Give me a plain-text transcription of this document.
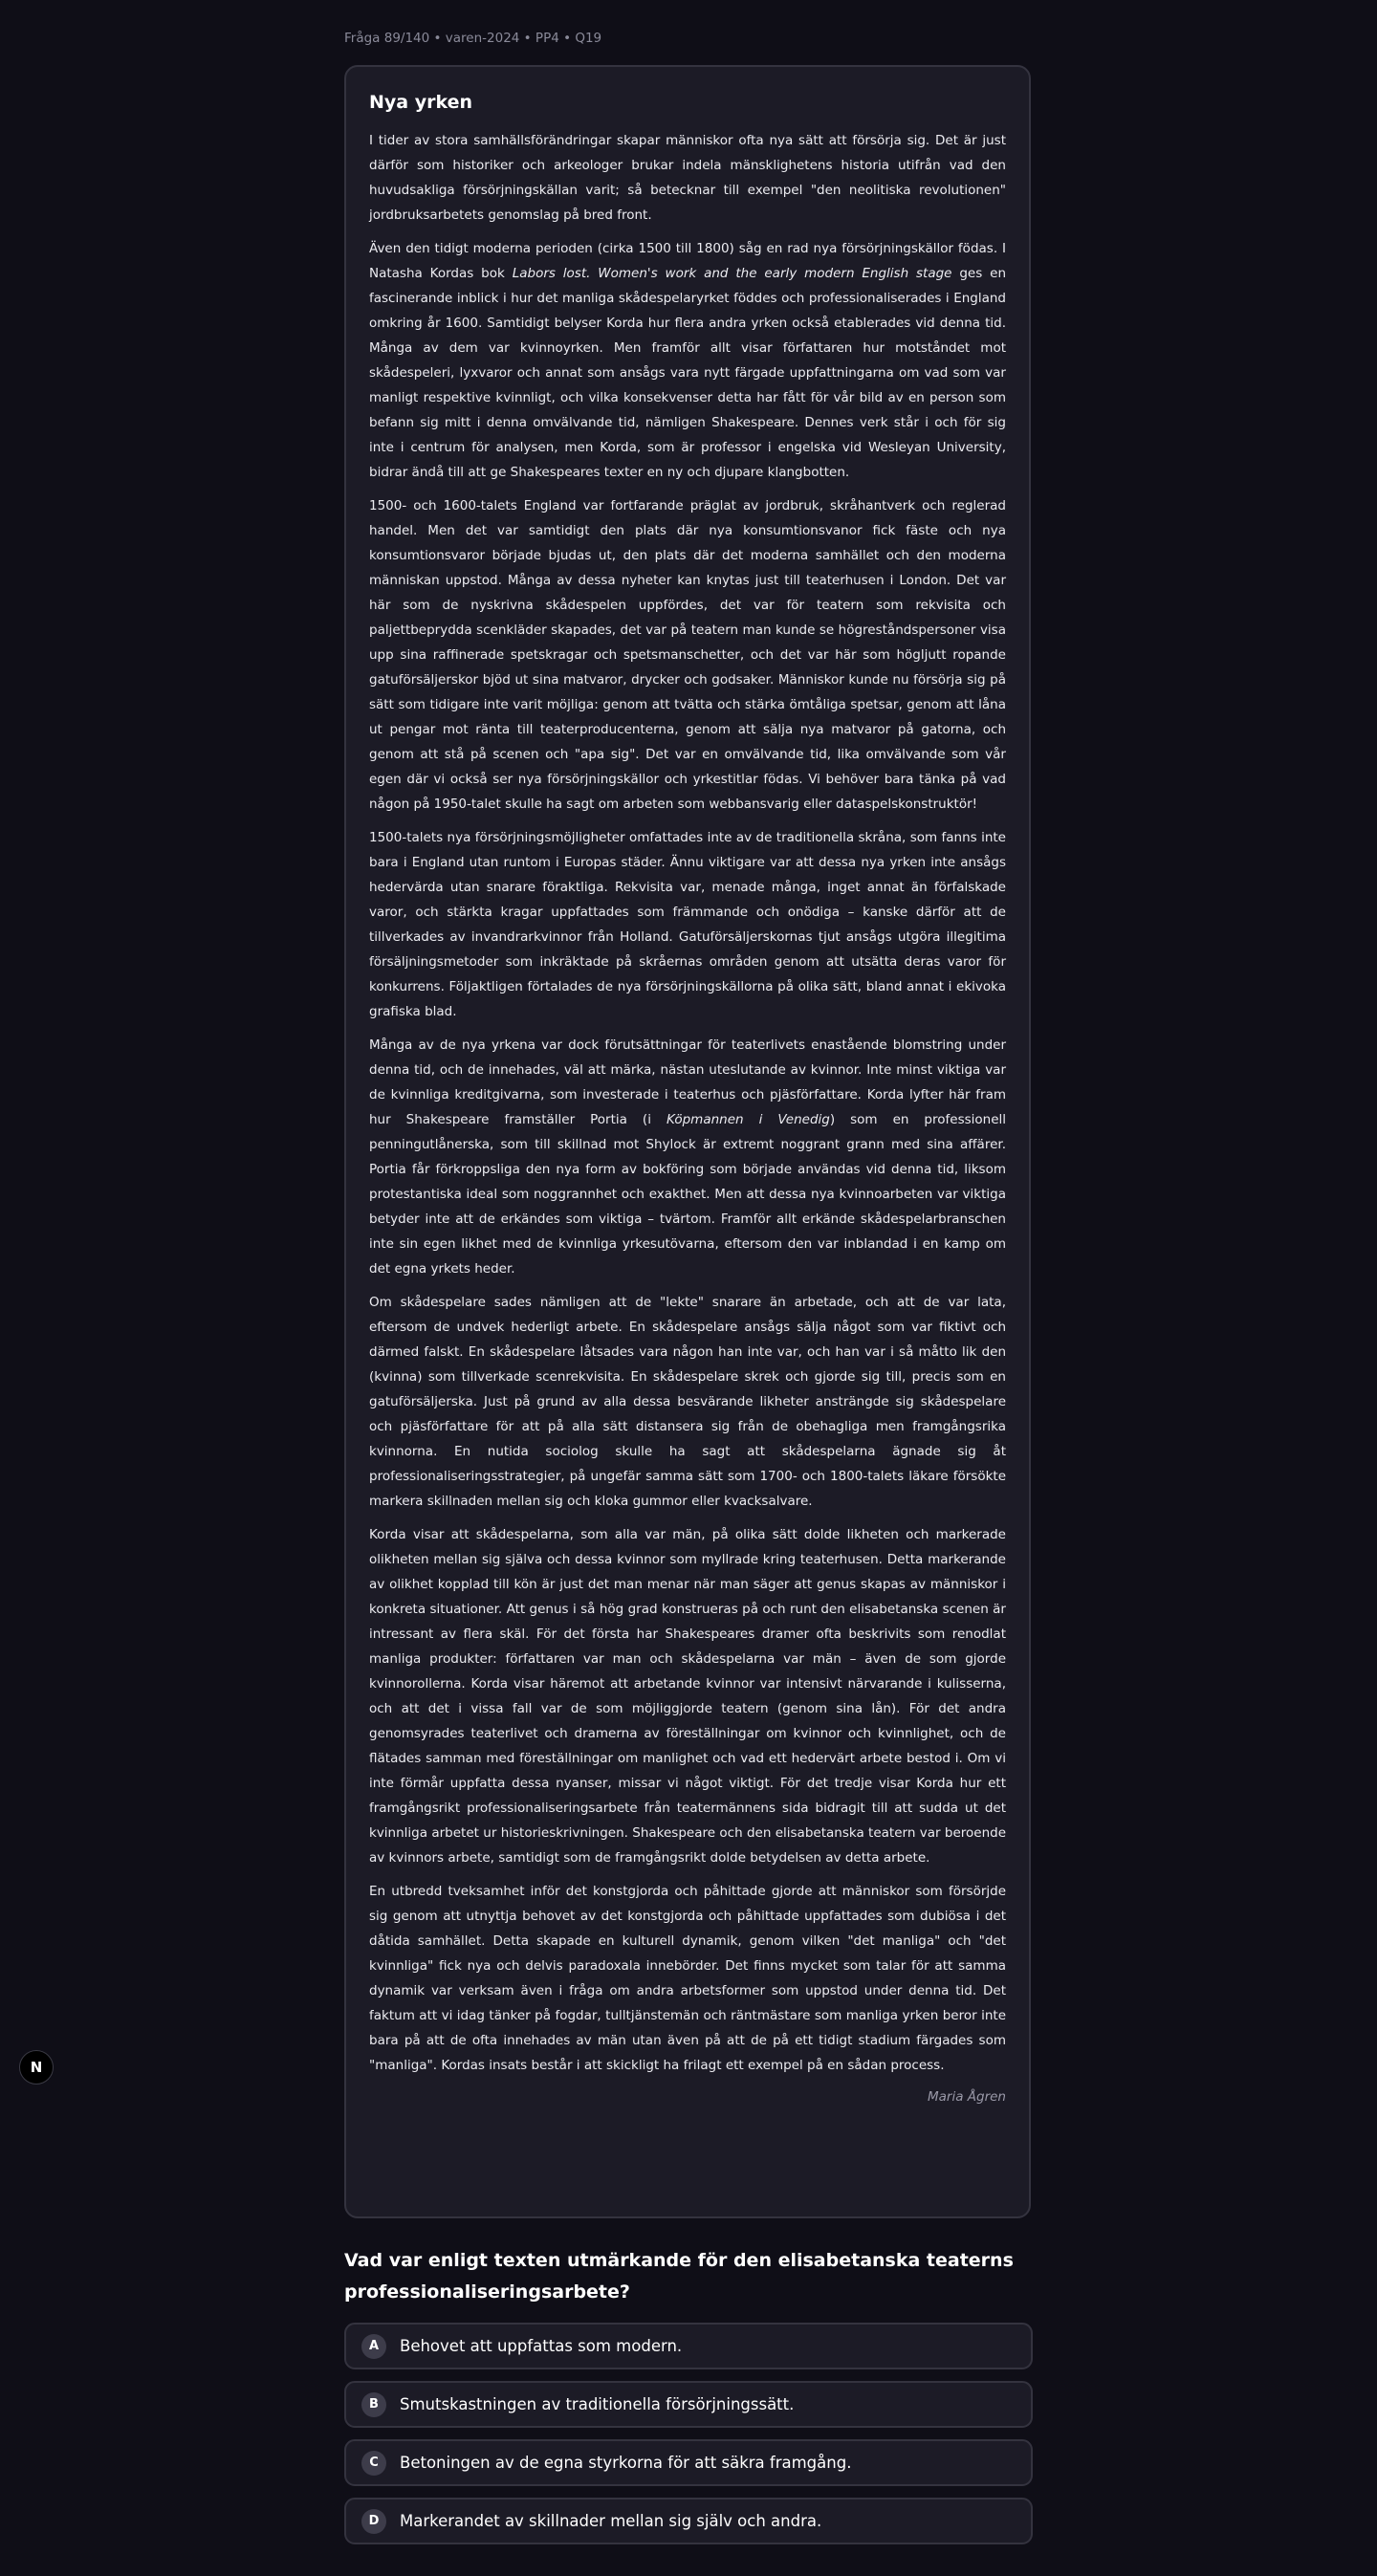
Fråga 89/140 • varen-2024 • PP4 • Q19
Nya yrken

I tider av stora samhällsförändringar skapar människor ofta nya sätt att försörja sig. Det är just därför som historiker och arkeologer brukar indela mänsklighetens historia utifrån vad den huvudsakliga försörjningskällan varit; så betecknar till exempel "den neolitiska revolutionen" jordbruksarbetets genomslag på bred front.

Även den tidigt moderna perioden (cirka 1500 till 1800) såg en rad nya försörjningskällor födas. I Natasha Kordas bok Labors lost. Women's work and the early modern English stage ges en fascinerande inblick i hur det manliga skådespelaryrket föddes och professionaliserades i England omkring år 1600. Samtidigt belyser Korda hur flera andra yrken också etablerades vid denna tid. Många av dem var kvinnoyrken. Men framför allt visar författaren hur motståndet mot skådespeleri, lyxvaror och annat som ansågs vara nytt färgade uppfattningarna om vad som var manligt respektive kvinnligt, och vilka konsekvenser detta har fått för vår bild av en person som befann sig mitt i denna omvälvande tid, nämligen Shakespeare. Dennes verk står i och för sig inte i centrum för analysen, men Korda, som är professor i engelska vid Wesleyan University, bidrar ändå till att ge Shakespeares texter en ny och djupare klangbotten.

1500- och 1600-talets England var fortfarande präglat av jordbruk, skråhantverk och reglerad handel. Men det var samtidigt den plats där nya konsumtionsvanor fick fäste och nya konsumtionsvaror började bjudas ut, den plats där det moderna samhället och den moderna människan uppstod. Många av dessa nyheter kan knytas just till teaterhusen i London. Det var här som de nyskrivna skådespelen uppfördes, det var för teatern som rekvisita och paljettbeprydda scenkläder skapades, det var på teatern man kunde se högreståndspersoner visa upp sina raffinerade spetskragar och spetsmanschetter, och det var här som högljutt ropande gatuförsäljerskor bjöd ut sina matvaror, drycker och godsaker. Människor kunde nu försörja sig på sätt som tidigare inte varit möjliga: genom att tvätta och stärka ömtåliga spetsar, genom att låna ut pengar mot ränta till teaterproducenterna, genom att sälja nya matvaror på gatorna, och genom att stå på scenen och "apa sig". Det var en omvälvande tid, lika omvälvande som vår egen där vi också ser nya försörjningskällor och yrkestitlar födas. Vi behöver bara tänka på vad någon på 1950-talet skulle ha sagt om arbeten som webbansvarig eller dataspelskonstruktör!

1500-talets nya försörjningsmöjligheter omfattades inte av de traditionella skråna, som fanns inte bara i England utan runtom i Europas städer. Ännu viktigare var att dessa nya yrken inte ansågs hedervärda utan snarare föraktliga. Rekvisita var, menade många, inget annat än förfalskade varor, och stärkta kragar uppfattades som främmande och onödiga – kanske därför att de tillverkades av invandrarkvinnor från Holland. Gatuförsäljerskornas tjut ansågs utgöra illegitima försäljningsmetoder som inkräktade på skråernas områden genom att utsätta deras varor för konkurrens. Följaktligen förtalades de nya försörjningskällorna på olika sätt, bland annat i ekivoka grafiska blad.

Många av de nya yrkena var dock förutsättningar för teaterlivets enastående blomstring under denna tid, och de innehades, väl att märka, nästan uteslutande av kvinnor. Inte minst viktiga var de kvinnliga kreditgivarna, som investerade i teaterhus och pjäsförfattare. Korda lyfter här fram hur Shakespeare framställer Portia (i Köpmannen i Venedig) som en professionell penningutlånerska, som till skillnad mot Shylock är extremt noggrant grann med sina affärer. Portia får förkroppsliga den nya form av bokföring som började användas vid denna tid, liksom protestantiska ideal som noggrannhet och exakthet. Men att dessa nya kvinnoarbeten var viktiga betyder inte att de erkändes som viktiga – tvärtom. Framför allt erkände skådespelarbranschen inte sin egen likhet med de kvinnliga yrkesutövarna, eftersom den var inblandad i en kamp om det egna yrkets heder.

Om skådespelare sades nämligen att de "lekte" snarare än arbetade, och att de var lata, eftersom de undvek hederligt arbete. En skådespelare ansågs sälja något som var fiktivt och därmed falskt. En skådespelare låtsades vara någon han inte var, och han var i så måtto lik den (kvinna) som tillverkade scenrekvisita. En skådespelare skrek och gjorde sig till, precis som en gatuförsäljerska. Just på grund av alla dessa besvärande likheter ansträngde sig skådespelare och pjäsförfattare för att på alla sätt distansera sig från de obehagliga men framgångsrika kvinnorna. En nutida sociolog skulle ha sagt att skådespelarna ägnade sig åt professionaliseringsstrategier, på ungefär samma sätt som 1700- och 1800-talets läkare försökte markera skillnaden mellan sig och kloka gummor eller kvacksalvare.

Korda visar att skådespelarna, som alla var män, på olika sätt dolde likheten och markerade olikheten mellan sig själva och dessa kvinnor som myllrade kring teaterhusen. Detta markerande av olikhet kopplad till kön är just det man menar när man säger att genus skapas av människor i konkreta situationer. Att genus i så hög grad konstrueras på och runt den elisabetanska scenen är intressant av flera skäl. För det första har Shakespeares dramer ofta beskrivits som renodlat manliga produkter: författaren var man och skådespelarna var män – även de som gjorde kvinnorollerna. Korda visar häremot att arbetande kvinnor var intensivt närvarande i kulisserna, och att det i vissa fall var de som möjliggjorde teatern (genom sina lån). För det andra genomsyrades teaterlivet och dramerna av föreställningar om kvinnor och kvinnlighet, och de flätades samman med föreställningar om manlighet och vad ett hedervärt arbete bestod i. Om vi inte förmår uppfatta dessa nyanser, missar vi något viktigt. För det tredje visar Korda hur ett framgångsrikt professionaliseringsarbete från teatermännens sida bidragit till att sudda ut det kvinnliga arbetet ur historieskrivningen. Shakespeare och den elisabetanska teatern var beroende av kvinnors arbete, samtidigt som de framgångsrikt dolde betydelsen av detta arbete.

En utbredd tveksamhet inför det konstgjorda och påhittade gjorde att människor som försörjde sig genom att utnyttja behovet av det konstgjorda och påhittade uppfattades som dubiösa i det dåtida samhället. Detta skapade en kulturell dynamik, genom vilken "det manliga" och "det kvinnliga" fick nya och delvis paradoxala innebörder. Det finns mycket som talar för att samma dynamik var verksam även i fråga om andra arbetsformer som uppstod under denna tid. Det faktum att vi idag tänker på fogdar, tulltjänstemän och räntmästare som manliga yrken beror inte bara på att de ofta innehades av män utan även på att de på ett tidigt stadium färgades som "manliga". Kordas insats består i att skickligt ha frilagt ett exempel på en sådan process.

Maria Ågren

Vad var enligt texten utmärkande för den elisabetanska teaterns professionaliseringsarbete?

A	Behovet att uppfattas som modern.
B	Smutskastningen av traditionella försörjningssätt.
C	Betoningen av de egna styrkorna för att säkra framgång.
D	Markerandet av skillnader mellan sig själv och andra.
N
